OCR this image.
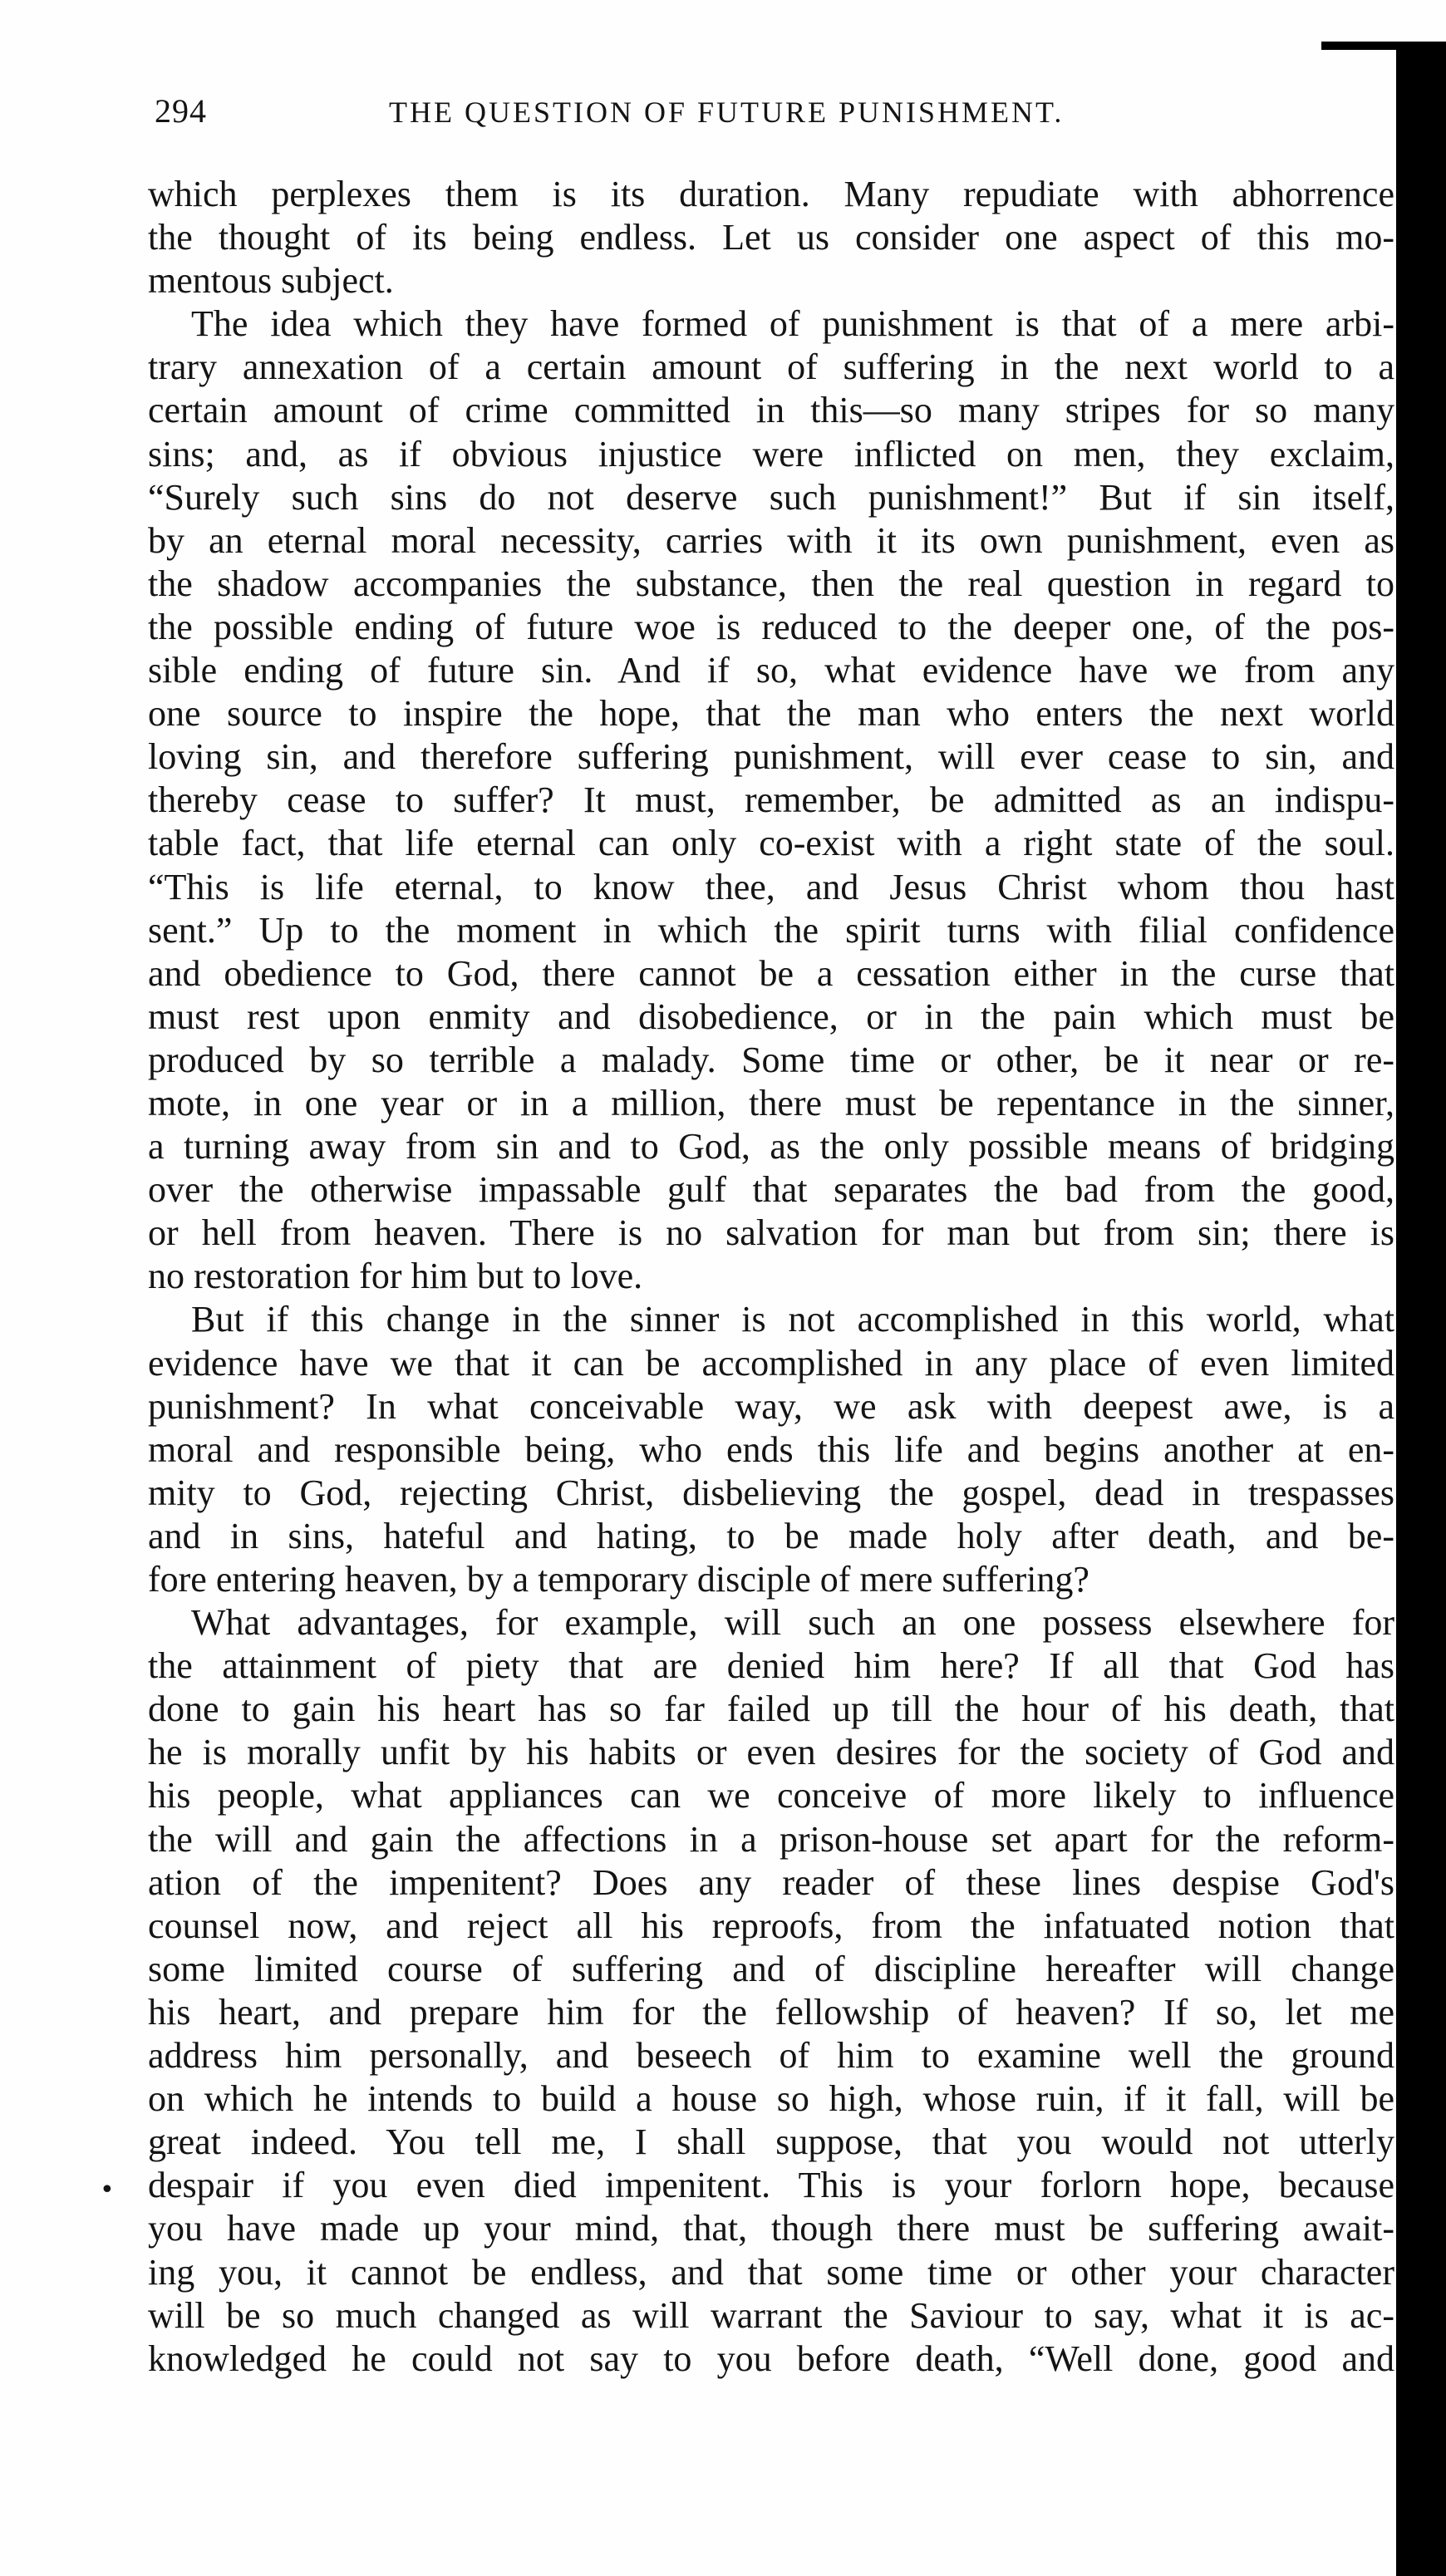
294	THE QUESTION OF FUTURE PUNISHMENT.
which perplexes them is its duration. Many repudiate with abhorrence
the thought of its being endless. Let us consider one aspect of this mo-
mentous subject.
The idea which they have formed of punishment is that of a mere arbi-
trary annexation of a certain amount of suffering in the next world to a
certain amount of crime committed in this—so many stripes for so many
sins; and, as if obvious injustice were inflicted on men, they exclaim,
“Surely such sins do not deserve such punishment!” But if sin itself,
by an eternal moral necessity, carries with it its own punishment, even as
the shadow accompanies the substance, then the real question in regard to
the possible ending of future woe is reduced to the deeper one, of the pos-
sible ending of future sin. And if so, what evidence have we from any
one source to inspire the hope, that the man who enters the next world
loving sin, and therefore suffering punishment, will ever cease to sin, and
thereby cease to suffer? It must, remember, be admitted as an indispu-
table fact, that life eternal can only co-exist with a right state of the soul.
“This is life eternal, to know thee, and Jesus Christ whom thou hast
sent.” Up to the moment in which the spirit turns with filial confidence
and obedience to God, there cannot be a cessation either in the curse that
must rest upon enmity and disobedience, or in the pain which must be
produced by so terrible a malady. Some time or other, be it near or re-
mote, in one year or in a million, there must be repentance in the sinner,
a turning away from sin and to God, as the only possible means of bridging
over the otherwise impassable gulf that separates the bad from the good,
or hell from heaven. There is no salvation for man but from sin; there is
no restoration for him but to love.
But if this change in the sinner is not accomplished in this world, what
evidence have we that it can be accomplished in any place of even limited
punishment? In what conceivable way, we ask with deepest awe, is a
moral and responsible being, who ends this life and begins another at en-
mity to God, rejecting Christ, disbelieving the gospel, dead in trespasses
and in sins, hateful and hating, to be made holy after death, and be-
fore entering heaven, by a temporary disciple of mere suffering?
What advantages, for example, will such an one possess elsewhere for
the attainment of piety that are denied him here? If all that God has
done to gain his heart has so far failed up till the hour of his death, that
he is morally unfit by his habits or even desires for the society of God and
his people, what appliances can we conceive of more likely to influence
the will and gain the affections in a prison-house set apart for the reform-
ation of the impenitent? Does any reader of these lines despise God's
counsel now, and reject all his reproofs, from the infatuated notion that
some limited course of suffering and of discipline hereafter will change
his heart, and prepare him for the fellowship of heaven? If so, let me
address him personally, and beseech of him to examine well the ground
on which he intends to build a house so high, whose ruin, if it fall, will be
great indeed. You tell me, I shall suppose, that you would not utterly
despair if you even died impenitent. This is your forlorn hope, because
you have made up your mind, that, though there must be suffering await-
ing you, it cannot be endless, and that some time or other your character
will be so much changed as will warrant the Saviour to say, what it is ac-
knowledged he could not say to you before death, “Well done, good and
•
